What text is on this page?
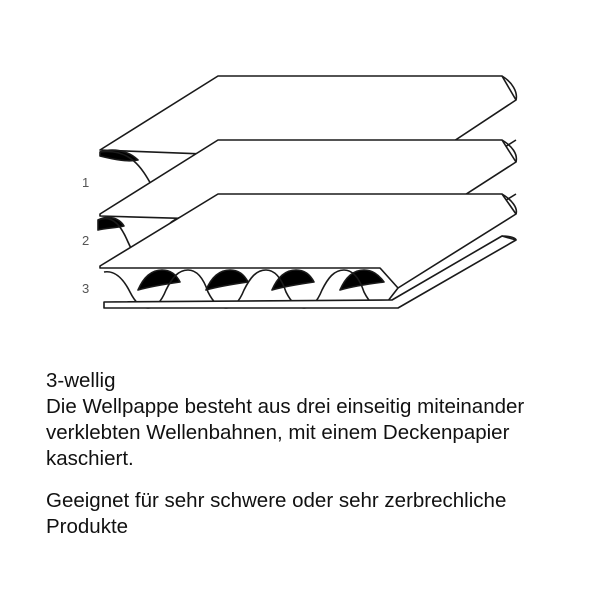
1
2
3

3-wellig

Die Wellpappe besteht aus drei einseitig miteinander verklebten Wellenbahnen, mit einem Deckenpapier kaschiert.

Geeignet für sehr schwere oder sehr zerbrechliche Produkte
